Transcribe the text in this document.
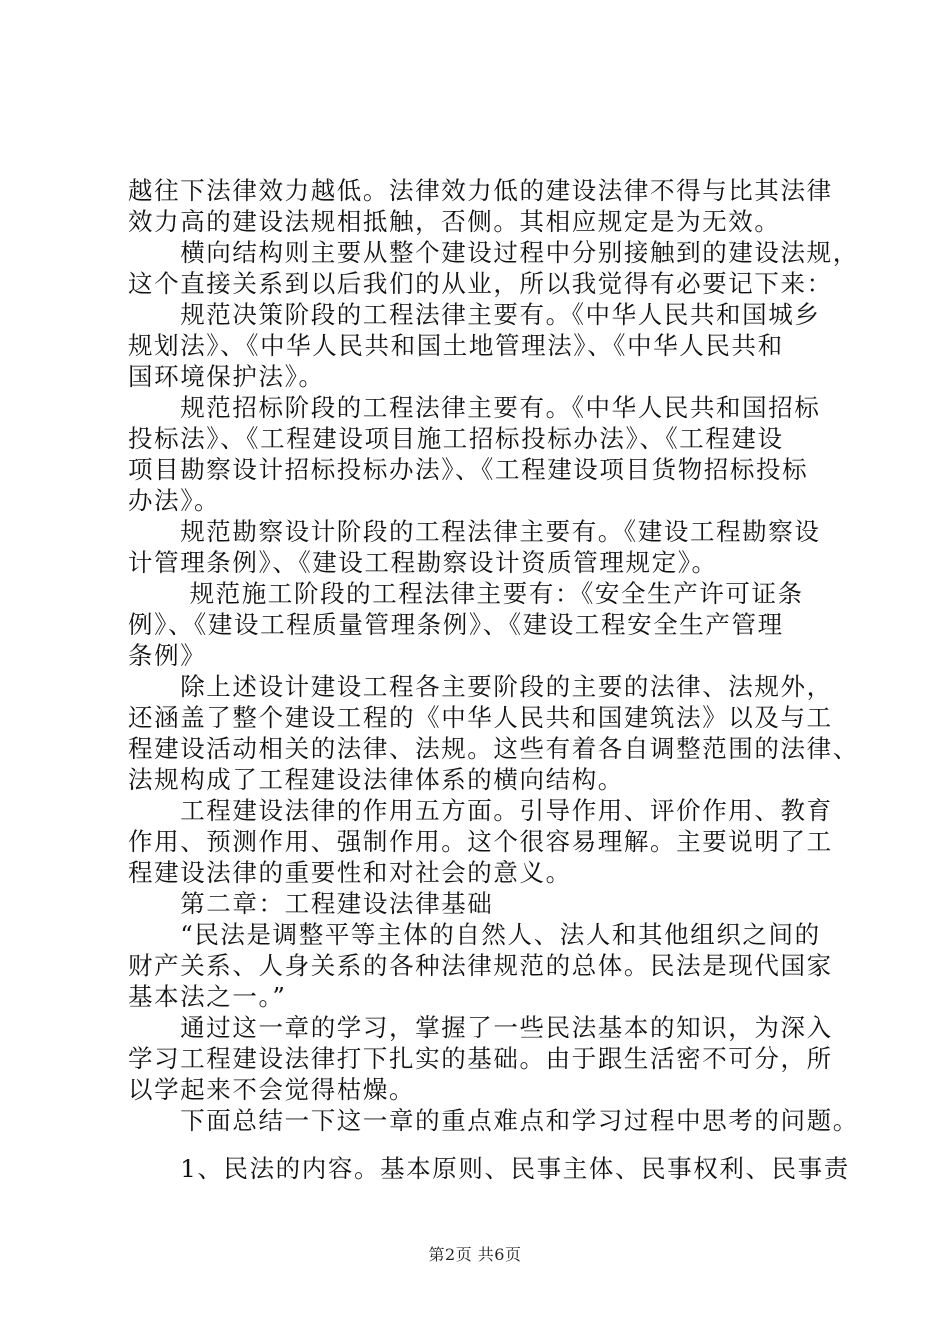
越往下法律效力越低。法律效力低的建设法律不得与比其法律
效力高的建设法规相抵触，否侧。其相应规定是为无效。
　　横向结构则主要从整个建设过程中分别接触到的建设法规，
这个直接关系到以后我们的从业，所以我觉得有必要记下来：
　　规范决策阶段的工程法律主要有。《中华人民共和国城乡
规划法》、《中华人民共和国土地管理法》、《中华人民共和
国环境保护法》。
　　规范招标阶段的工程法律主要有。《中华人民共和国招标
投标法》、《工程建设项目施工招标投标办法》、《工程建设
项目勘察设计招标投标办法》、《工程建设项目货物招标投标
办法》。
　　规范勘察设计阶段的工程法律主要有。《建设工程勘察设
计管理条例》、《建设工程勘察设计资质管理规定》。
　　 规范施工阶段的工程法律主要有：《安全生产许可证条
例》、《建设工程质量管理条例》、《建设工程安全生产管理
条例》
　　除上述设计建设工程各主要阶段的主要的法律、法规外，
还涵盖了整个建设工程的《中华人民共和国建筑法》以及与工
程建设活动相关的法律、法规。这些有着各自调整范围的法律、
法规构成了工程建设法律体系的横向结构。
　　工程建设法律的作用五方面。引导作用、评价作用、教育
作用、预测作用、强制作用。这个很容易理解。主要说明了工
程建设法律的重要性和对社会的意义。
　　第二章：工程建设法律基础
　　“民法是调整平等主体的自然人、法人和其他组织之间的
财产关系、人身关系的各种法律规范的总体。民法是现代国家
基本法之一。”
　　通过这一章的学习，掌握了一些民法基本的知识，为深入
学习工程建设法律打下扎实的基础。由于跟生活密不可分，所
以学起来不会觉得枯燥。
　　下面总结一下这一章的重点难点和学习过程中思考的问题。
　　1、民法的内容。基本原则、民事主体、民事权利、民事责
第2页 共6页
